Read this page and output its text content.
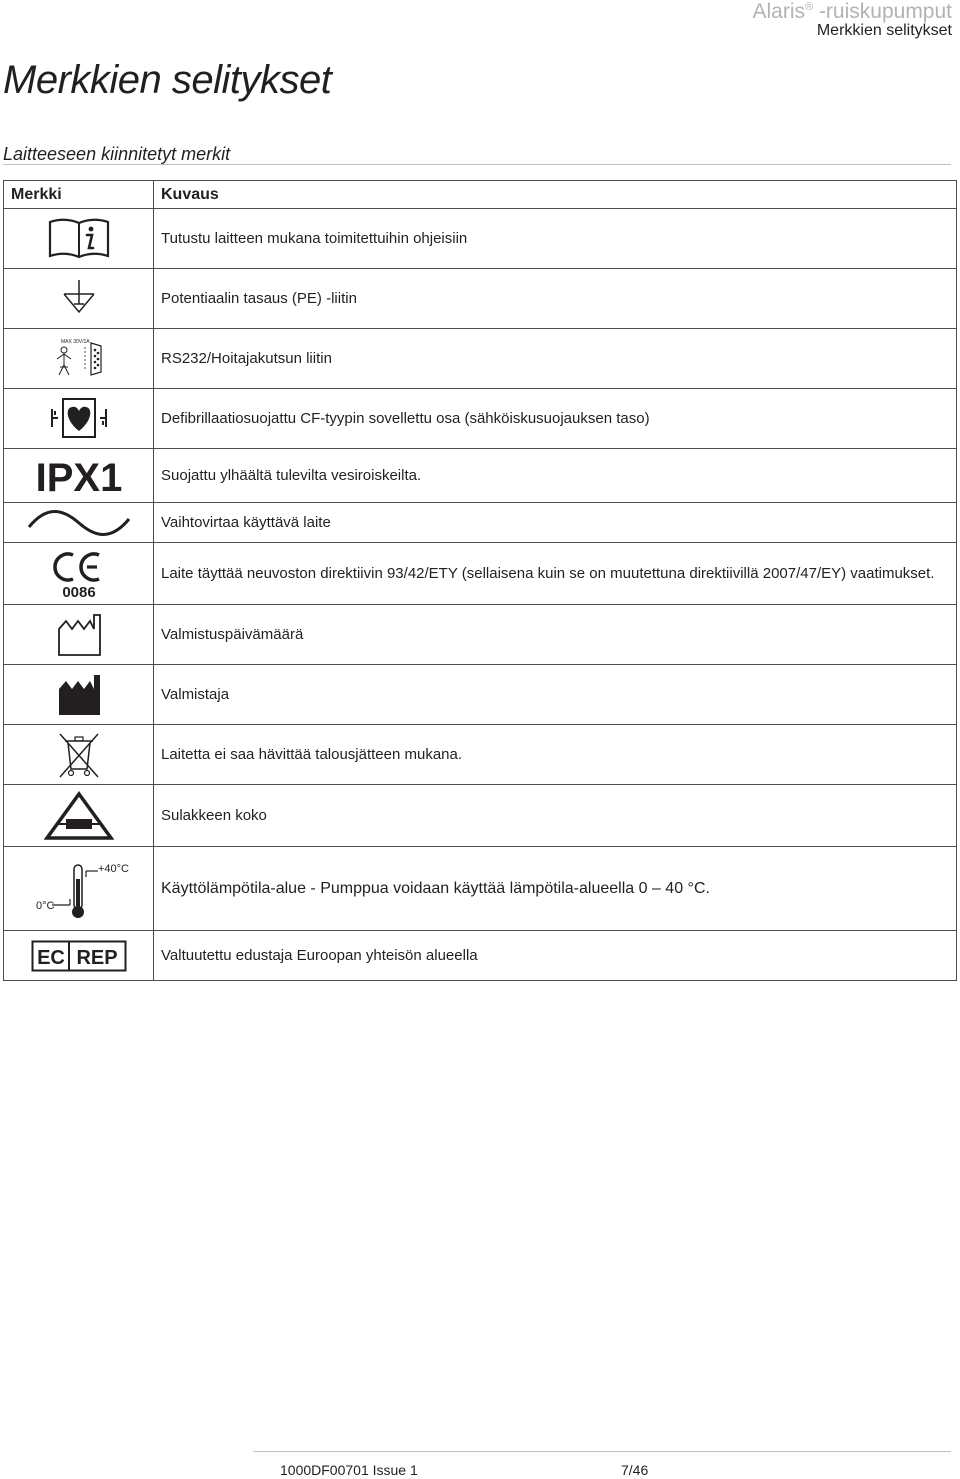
Alaris® -ruiskupumput
Merkkien selitykset
Merkkien selitykset
Laitteeseen kiinnitetyt merkit
Merkki	Kuvaus

	Tutustu laitteen mukana toimitettuihin ohjeisiin

	Potentiaalin tasaus (PE) -liitin

MAX 30V/1A	RS232/Hoitajakutsun liitin

	Defibrillaatiosuojattu CF-tyypin sovellettu osa (sähköiskusuojauksen taso)

IPX1	Suojattu ylhäältä tulevilta vesiroiskeilta.

	Vaihtovirtaa käyttävä laite

0086	Laite täyttää neuvoston direktiivin 93/42/ETY (sellaisena kuin se on muutettuna direktiivillä 2007/47/EY) vaatimukset.

	Valmistuspäivämäärä

	Valmistaja

	Laitetta ei saa hävittää talousjätteen mukana.

	Sulakkeen koko

0°C
+40°C	Käyttölämpötila-alue - Pumppua voidaan käyttää lämpötila-alueella 0 – 40 °C.

EC REP	Valtuutettu edustaja Euroopan yhteisön alueella
1000DF00701 Issue 1	7/46
